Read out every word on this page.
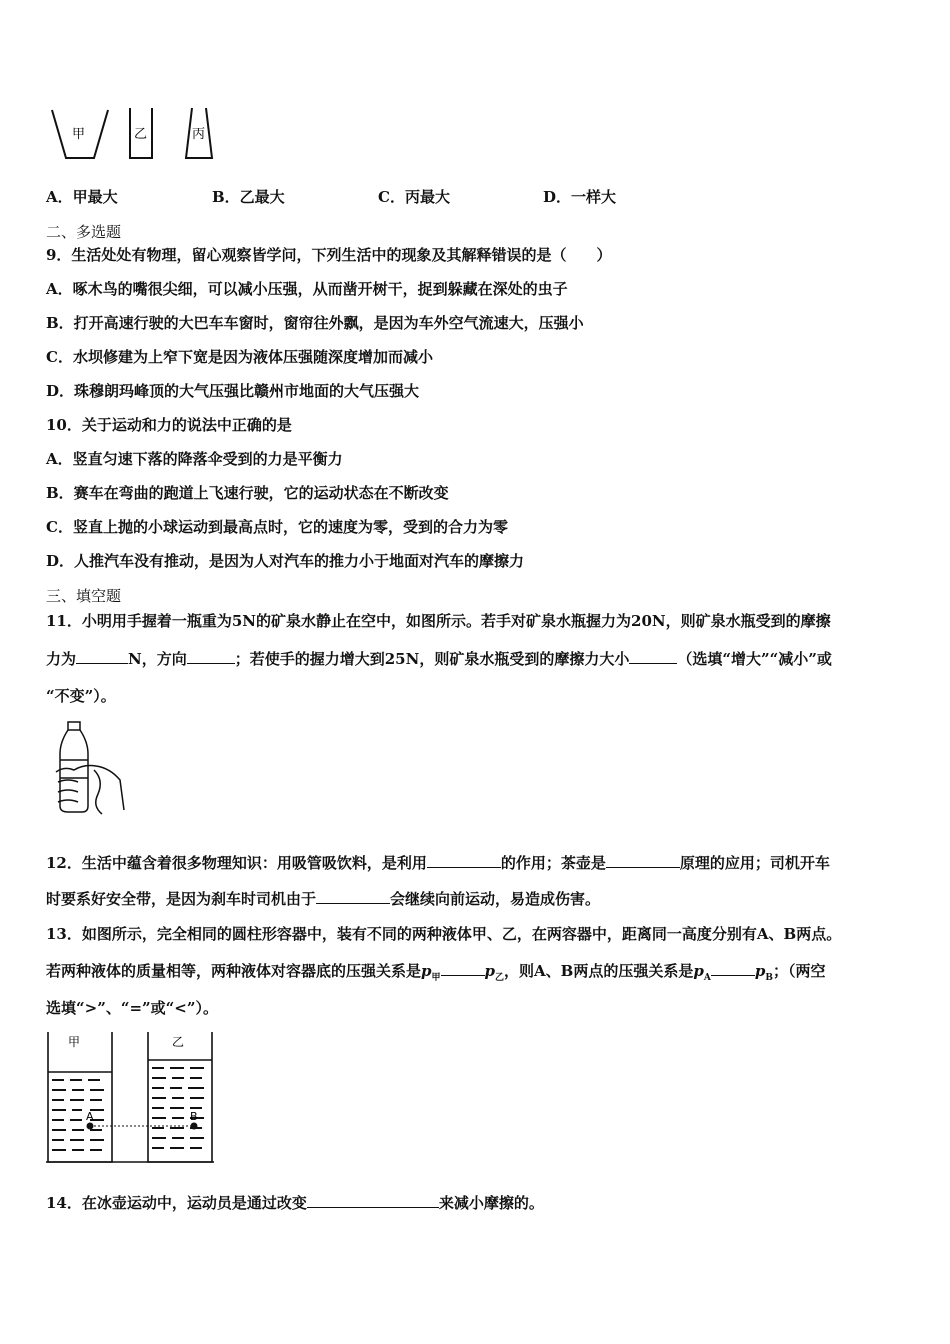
甲	乙	丙
A．甲最大	B．乙最大	C．丙最大	D．一样大
二、多选题
9．生活处处有物理，留心观察皆学问，下列生活中的现象及其解释错误的是（　　）
A．啄木鸟的嘴很尖细，可以减小压强，从而凿开树干，捉到躲藏在深处的虫子
B．打开高速行驶的大巴车车窗时，窗帘往外飘，是因为车外空气流速大，压强小
C．水坝修建为上窄下宽是因为液体压强随深度增加而减小
D．珠穆朗玛峰顶的大气压强比赣州市地面的大气压强大
10．关于运动和力的说法中正确的是
A．竖直匀速下落的降落伞受到的力是平衡力
B．赛车在弯曲的跑道上飞速行驶，它的运动状态在不断改变
C．竖直上抛的小球运动到最高点时，它的速度为零，受到的合力为零
D．人推汽车没有推动，是因为人对汽车的推力小于地面对汽车的摩擦力
三、填空题
11．小明用手握着一瓶重为5N的矿泉水静止在空中，如图所示。若手对矿泉水瓶握力为20N，则矿泉水瓶受到的摩擦
力为	N，方向	；若使手的握力增大到25N，则矿泉水瓶受到的摩擦力大小	（选填“增大”“减小”或
“不变”）。
12．生活中蕴含着很多物理知识：用吸管吸饮料，是利用	的作用；茶壶是	原理的应用；司机开车
时要系好安全带，是因为刹车时司机由于	会继续向前运动，易造成伤害。
13．如图所示，完全相同的圆柱形容器中，装有不同的两种液体甲、乙，在两容器中，距离同一高度分别有A、B两点。
若两种液体的质量相等，两种液体对容器底的压强关系是$p_甲$	$p_乙$，则A、B两点的压强关系是$p_A$	$p_B$；（两空
选填“>”、“=”或“<”）。
甲	乙
A	B
14．在冰壶运动中，运动员是通过改变	来减小摩擦的。
